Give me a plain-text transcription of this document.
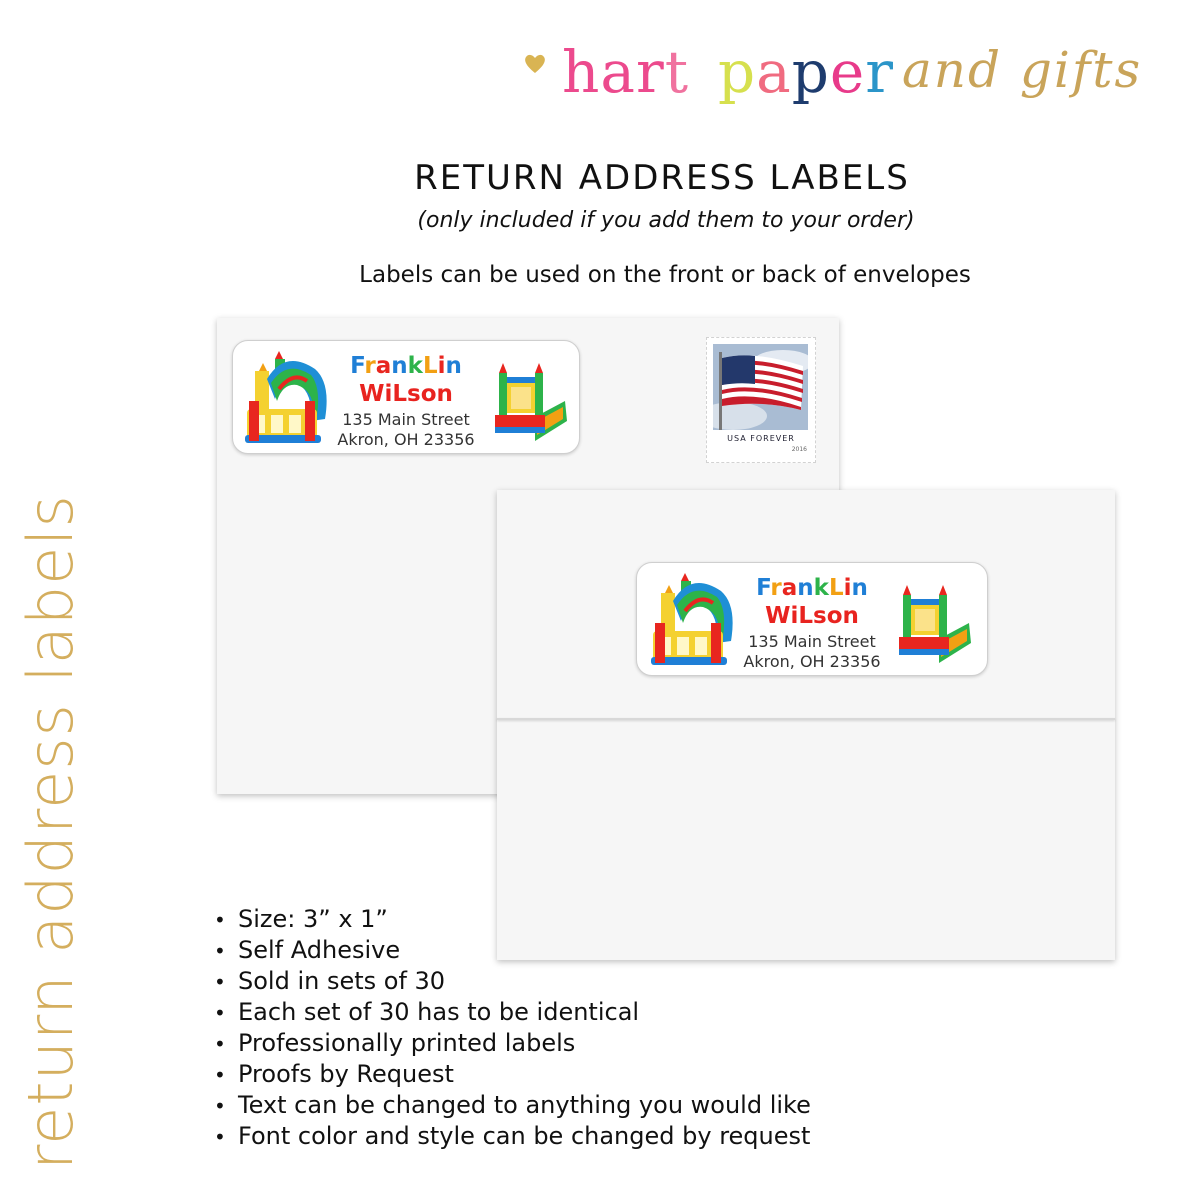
hart paper and gifts
RETURN ADDRESS LABELS
(only included if you add them to your order)
Labels can be used on the front or back of envelopes
return address labels
FrankLin
WiLson
135 Main Street
Akron, OH 23356	USA FOREVER
2016
FrankLin
WiLson
135 Main Street
Akron, OH 23356
• Size: 3” x 1”
• Self Adhesive
• Sold in sets of 30
• Each set of 30 has to be identical
• Professionally printed labels
• Proofs by Request
• Text can be changed to anything you would like
• Font color and style can be changed by request
